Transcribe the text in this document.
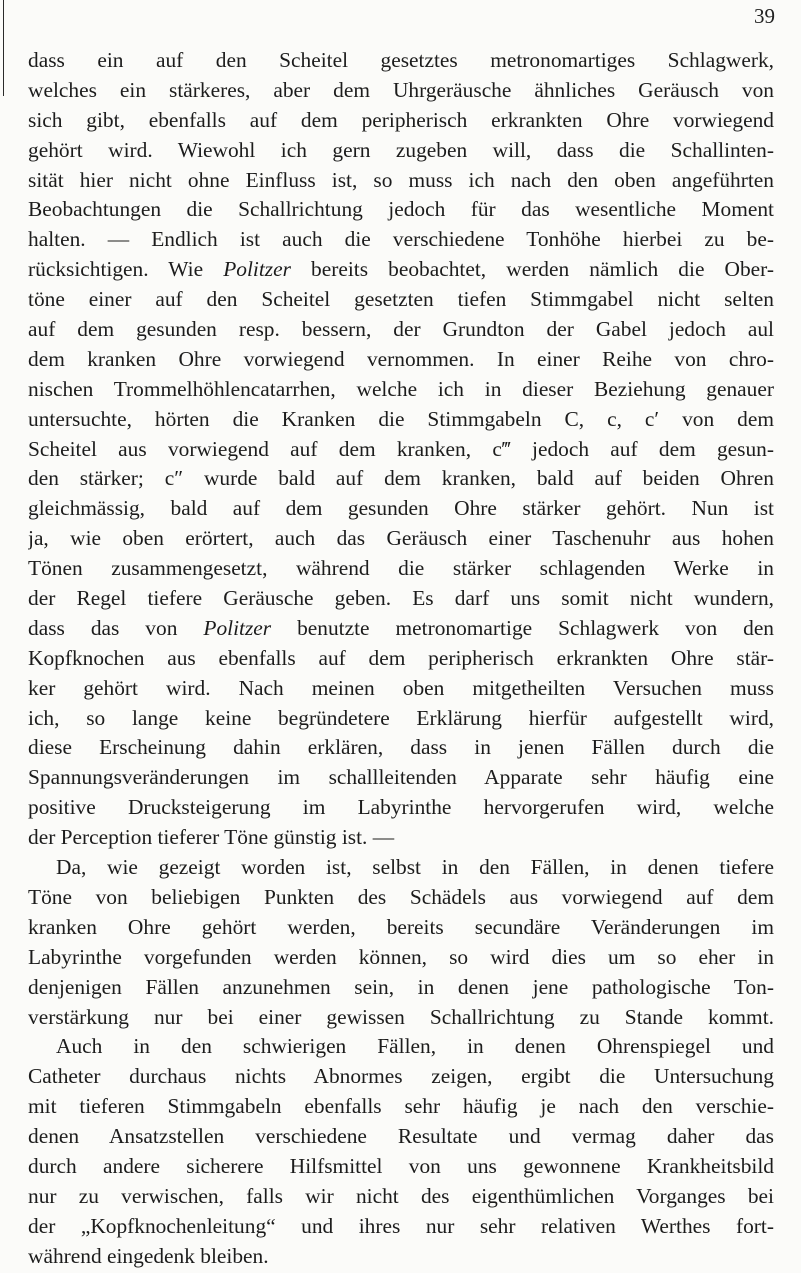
39
dass ein auf den Scheitel gesetztes metronomartiges Schlagwerk,
welches ein stärkeres, aber dem Uhrgeräusche ähnliches Geräusch von
sich gibt, ebenfalls auf dem peripherisch erkrankten Ohre vorwiegend
gehört wird. Wiewohl ich gern zugeben will, dass die Schallinten-
sität hier nicht ohne Einfluss ist, so muss ich nach den oben angeführten
Beobachtungen die Schallrichtung jedoch für das wesentliche Moment
halten. — Endlich ist auch die verschiedene Tonhöhe hierbei zu be-
rücksichtigen. Wie Politzer bereits beobachtet, werden nämlich die Ober-
töne einer auf den Scheitel gesetzten tiefen Stimmgabel nicht selten
auf dem gesunden resp. bessern, der Grundton der Gabel jedoch aul
dem kranken Ohre vorwiegend vernommen. In einer Reihe von chro-
nischen Trommelhöhlencatarrhen, welche ich in dieser Beziehung genauer
untersuchte, hörten die Kranken die Stimmgabeln C, c, c′ von dem
Scheitel aus vorwiegend auf dem kranken, c‴ jedoch auf dem gesun-
den stärker; c″ wurde bald auf dem kranken, bald auf beiden Ohren
gleichmässig, bald auf dem gesunden Ohre stärker gehört. Nun ist
ja, wie oben erörtert, auch das Geräusch einer Taschenuhr aus hohen
Tönen zusammengesetzt, während die stärker schlagenden Werke in
der Regel tiefere Geräusche geben. Es darf uns somit nicht wundern,
dass das von Politzer benutzte metronomartige Schlagwerk von den
Kopfknochen aus ebenfalls auf dem peripherisch erkrankten Ohre stär-
ker gehört wird. Nach meinen oben mitgetheilten Versuchen muss
ich, so lange keine begründetere Erklärung hierfür aufgestellt wird,
diese Erscheinung dahin erklären, dass in jenen Fällen durch die
Spannungsveränderungen im schallleitenden Apparate sehr häufig eine
positive Drucksteigerung im Labyrinthe hervorgerufen wird, welche
der Perception tieferer Töne günstig ist. —
Da, wie gezeigt worden ist, selbst in den Fällen, in denen tiefere
Töne von beliebigen Punkten des Schädels aus vorwiegend auf dem
kranken Ohre gehört werden, bereits secundäre Veränderungen im
Labyrinthe vorgefunden werden können, so wird dies um so eher in
denjenigen Fällen anzunehmen sein, in denen jene pathologische Ton-
verstärkung nur bei einer gewissen Schallrichtung zu Stande kommt.
Auch in den schwierigen Fällen, in denen Ohrenspiegel und
Catheter durchaus nichts Abnormes zeigen, ergibt die Untersuchung
mit tieferen Stimmgabeln ebenfalls sehr häufig je nach den verschie-
denen Ansatzstellen verschiedene Resultate und vermag daher das
durch andere sicherere Hilfsmittel von uns gewonnene Krankheitsbild
nur zu verwischen, falls wir nicht des eigenthümlichen Vorganges bei
der „Kopfknochenleitung“ und ihres nur sehr relativen Werthes fort-
während eingedenk bleiben.
